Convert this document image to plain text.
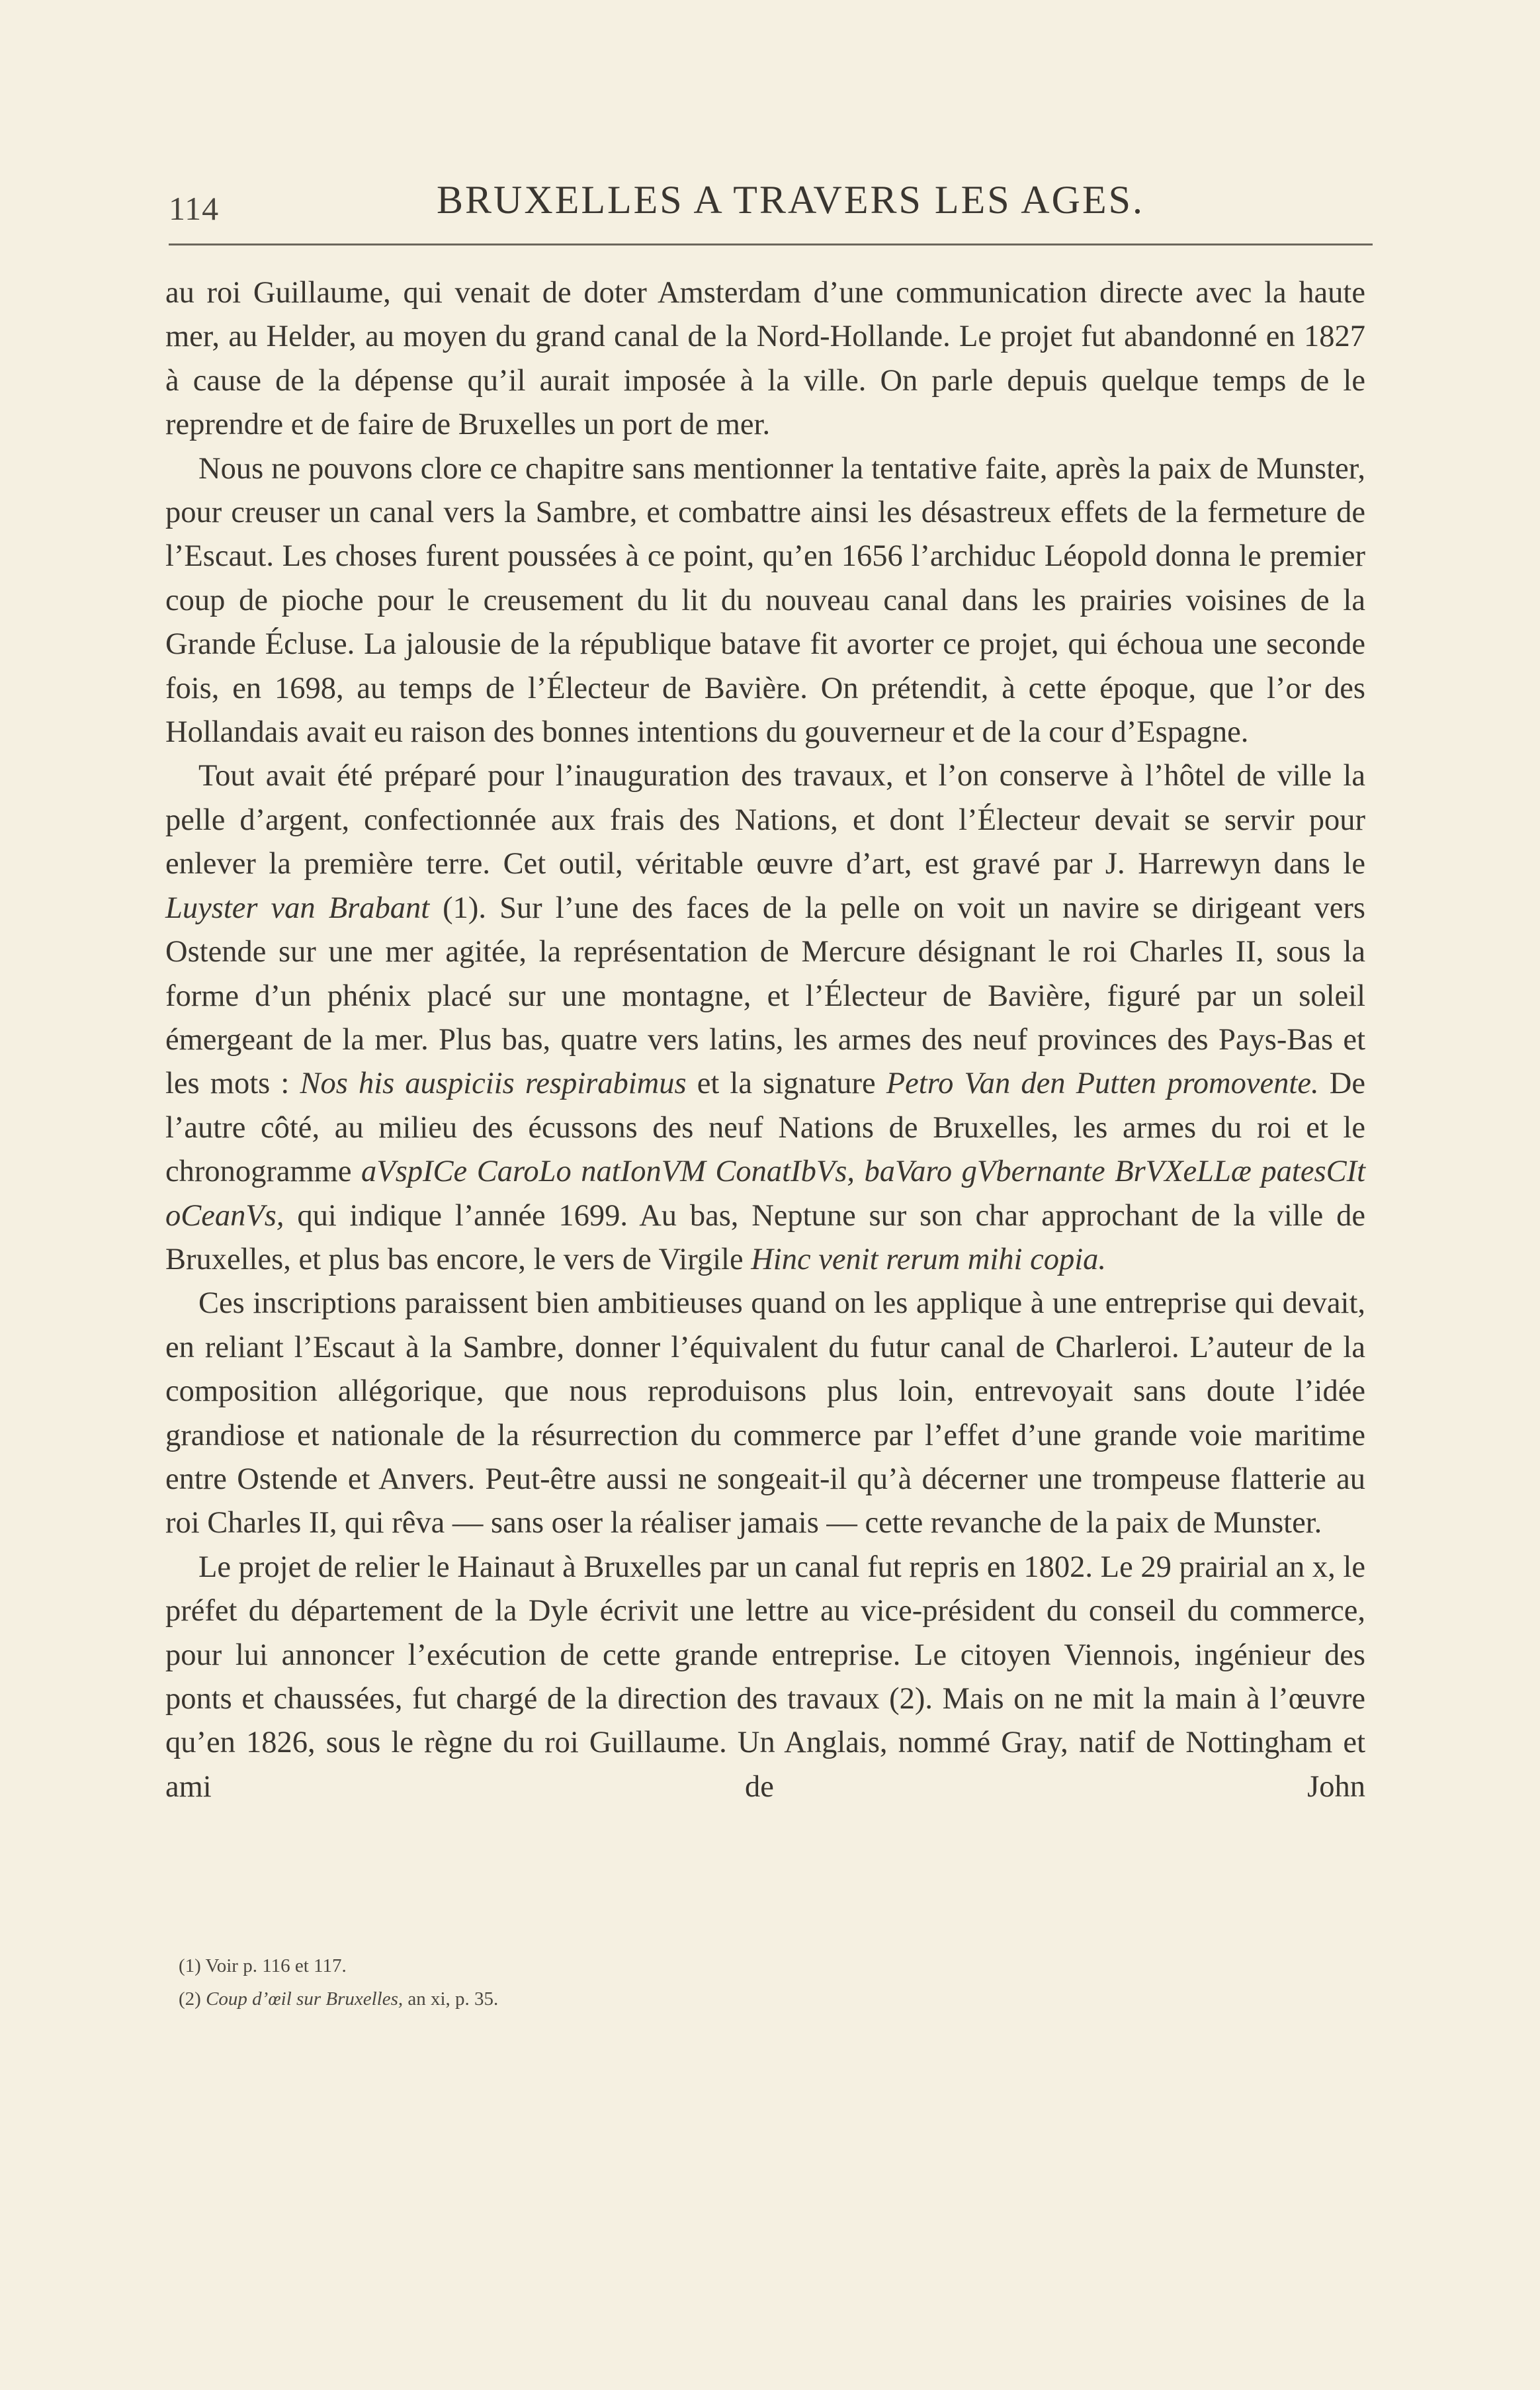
114	BRUXELLES A TRAVERS LES AGES.

au roi Guillaume, qui venait de doter Amsterdam d’une communication directe avec la haute mer, au Helder, au moyen du grand canal de la Nord-Hollande. Le projet fut abandonné en 1827 à cause de la dépense qu’il aurait imposée à la ville. On parle depuis quelque temps de le reprendre et de faire de Bruxelles un port de mer.

Nous ne pouvons clore ce chapitre sans mentionner la tentative faite, après la paix de Munster, pour creuser un canal vers la Sambre, et combattre ainsi les désastreux effets de la fermeture de l’Escaut. Les choses furent poussées à ce point, qu’en 1656 l’archiduc Léopold donna le premier coup de pioche pour le creusement du lit du nouveau canal dans les prairies voisines de la Grande Écluse. La jalousie de la république batave fit avorter ce projet, qui échoua une seconde fois, en 1698, au temps de l’Électeur de Bavière. On prétendit, à cette époque, que l’or des Hollandais avait eu raison des bonnes intentions du gouverneur et de la cour d’Espagne.

Tout avait été préparé pour l’inauguration des travaux, et l’on conserve à l’hôtel de ville la pelle d’argent, confectionnée aux frais des Nations, et dont l’Électeur devait se servir pour enlever la première terre. Cet outil, véritable œuvre d’art, est gravé par J. Harrewyn dans le Luyster van Brabant (1). Sur l’une des faces de la pelle on voit un navire se dirigeant vers Ostende sur une mer agitée, la représentation de Mercure désignant le roi Charles II, sous la forme d’un phénix placé sur une montagne, et l’Électeur de Bavière, figuré par un soleil émergeant de la mer. Plus bas, quatre vers latins, les armes des neuf provinces des Pays-Bas et les mots : Nos his auspiciis respirabimus et la signature Petro Van den Putten promovente. De l’autre côté, au milieu des écussons des neuf Nations de Bruxelles, les armes du roi et le chronogramme aVspICe CaroLo natIonVM ConatIbVs, baVaro gVbernante BrVXeLLæ patesCIt oCeanVs, qui indique l’année 1699. Au bas, Neptune sur son char approchant de la ville de Bruxelles, et plus bas encore, le vers de Virgile Hinc venit rerum mihi copia.

Ces inscriptions paraissent bien ambitieuses quand on les applique à une entreprise qui devait, en reliant l’Escaut à la Sambre, donner l’équivalent du futur canal de Charleroi. L’auteur de la composition allégorique, que nous reproduisons plus loin, entrevoyait sans doute l’idée grandiose et nationale de la résurrection du commerce par l’effet d’une grande voie maritime entre Ostende et Anvers. Peut-être aussi ne songeait-il qu’à décerner une trompeuse flatterie au roi Charles II, qui rêva — sans oser la réaliser jamais — cette revanche de la paix de Munster.

Le projet de relier le Hainaut à Bruxelles par un canal fut repris en 1802. Le 29 prairial an x, le préfet du département de la Dyle écrivit une lettre au vice-président du conseil du commerce, pour lui annoncer l’exécution de cette grande entreprise. Le citoyen Viennois, ingénieur des ponts et chaussées, fut chargé de la direction des travaux (2). Mais on ne mit la main à l’œuvre qu’en 1826, sous le règne du roi Guillaume. Un Anglais, nommé Gray, natif de Nottingham et ami de John

(1) Voir p. 116 et 117.

(2) Coup d’œil sur Bruxelles, an xi, p. 35.
